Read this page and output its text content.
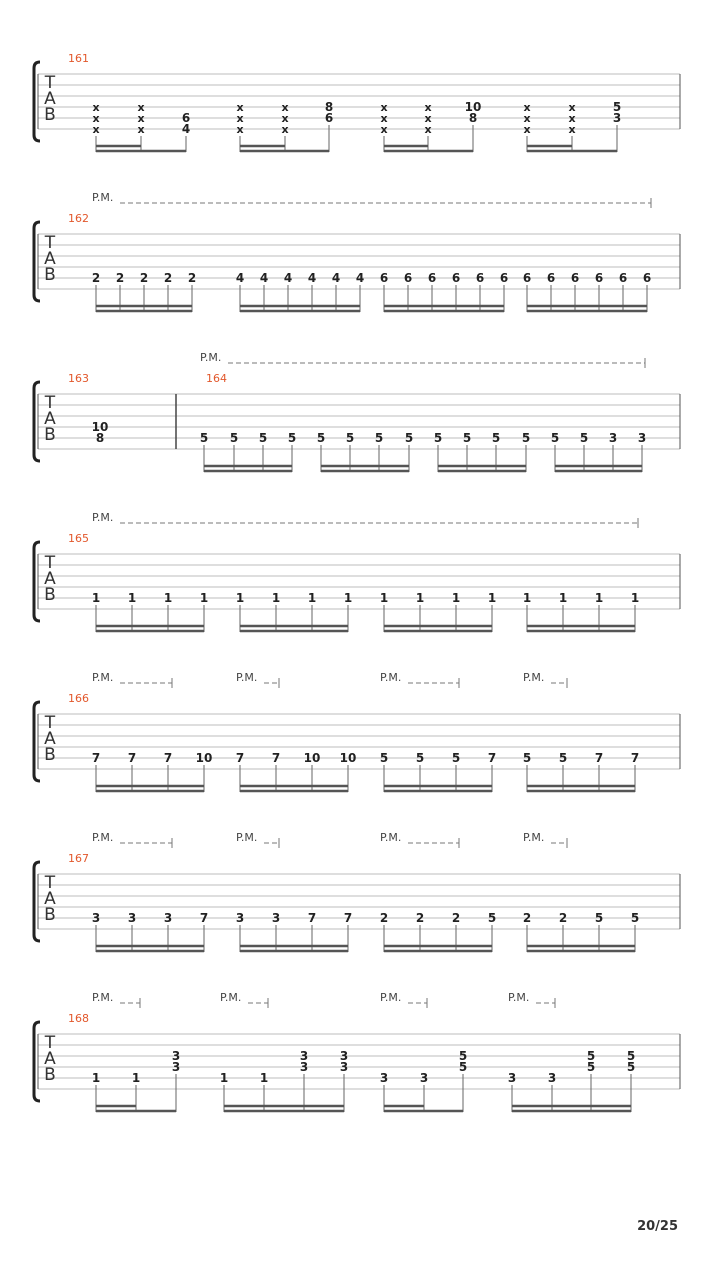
T
A
B
161
x
x
x
x
x
x
6
4
x
x
x
x
x
x
8
6
x
x
x
x
x
x
10
8
x
x
x
x
x
x
5
3
T
A
B
P.M.
162
2 2 2 2 2	4 4 4 4 4 4 6 6 6 6 6 6 6 6 6 6 6 6
T
A
B
P.M.
163
10
8
164
5 5 5 5 5 5 5 5 5 5 5 5 5 5 3 3
T
A
B
P.M.
165
1 1 1 1 1 1 1 1 1 1 1 1 1 1 1 1
T
A
B
P.M.	P.M.	P.M.	P.M.
166
7 7 7 10 7 7 10 10 5 5 5 7 5 5 7 7
T
A
B
P.M.	P.M.	P.M.	P.M.
167
3 3 3 7 3 3 7 7 2 2 2 5 2 2 5 5
T
A
B
P.M.	P.M.	P.M.	P.M.
168
1	1
3
3
1	1
3
3
3
3
3	3
5
5
3	3
5
5
5
5
20/25
